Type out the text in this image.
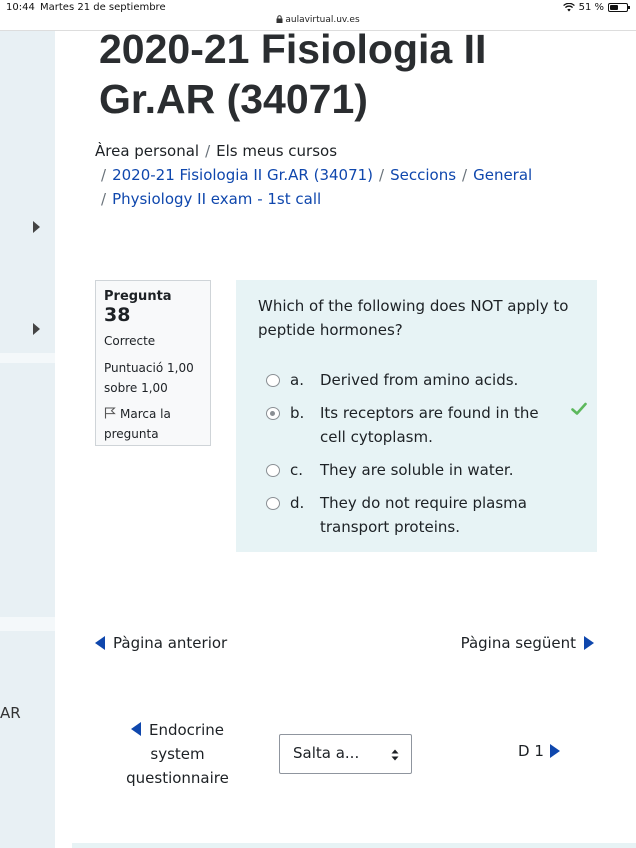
10:44 Martes 21 de septiembre	51 %
aulavirtual.uv.es
AR
2020-21 Fisiologia II
Gr.AR (34071)
Àrea personal / Els meus cursos
/ 2020-21 Fisiologia II Gr.AR (34071) / Seccions / General
/ Physiology II exam - 1st call
Pregunta 38
Correcte
Puntuació 1,00
sobre 1,00
Marca la
pregunta
Which of the following does NOT apply to peptide hormones?
a.	Derived from amino acids.
b.	Its receptors are found in the cell cytoplasm.
c.	They are soluble in water.
d.	They do not require plasma transport proteins.
Pàgina anterior	Pàgina següent
Endocrine
system
questionnaire
Salta a...	D 1
